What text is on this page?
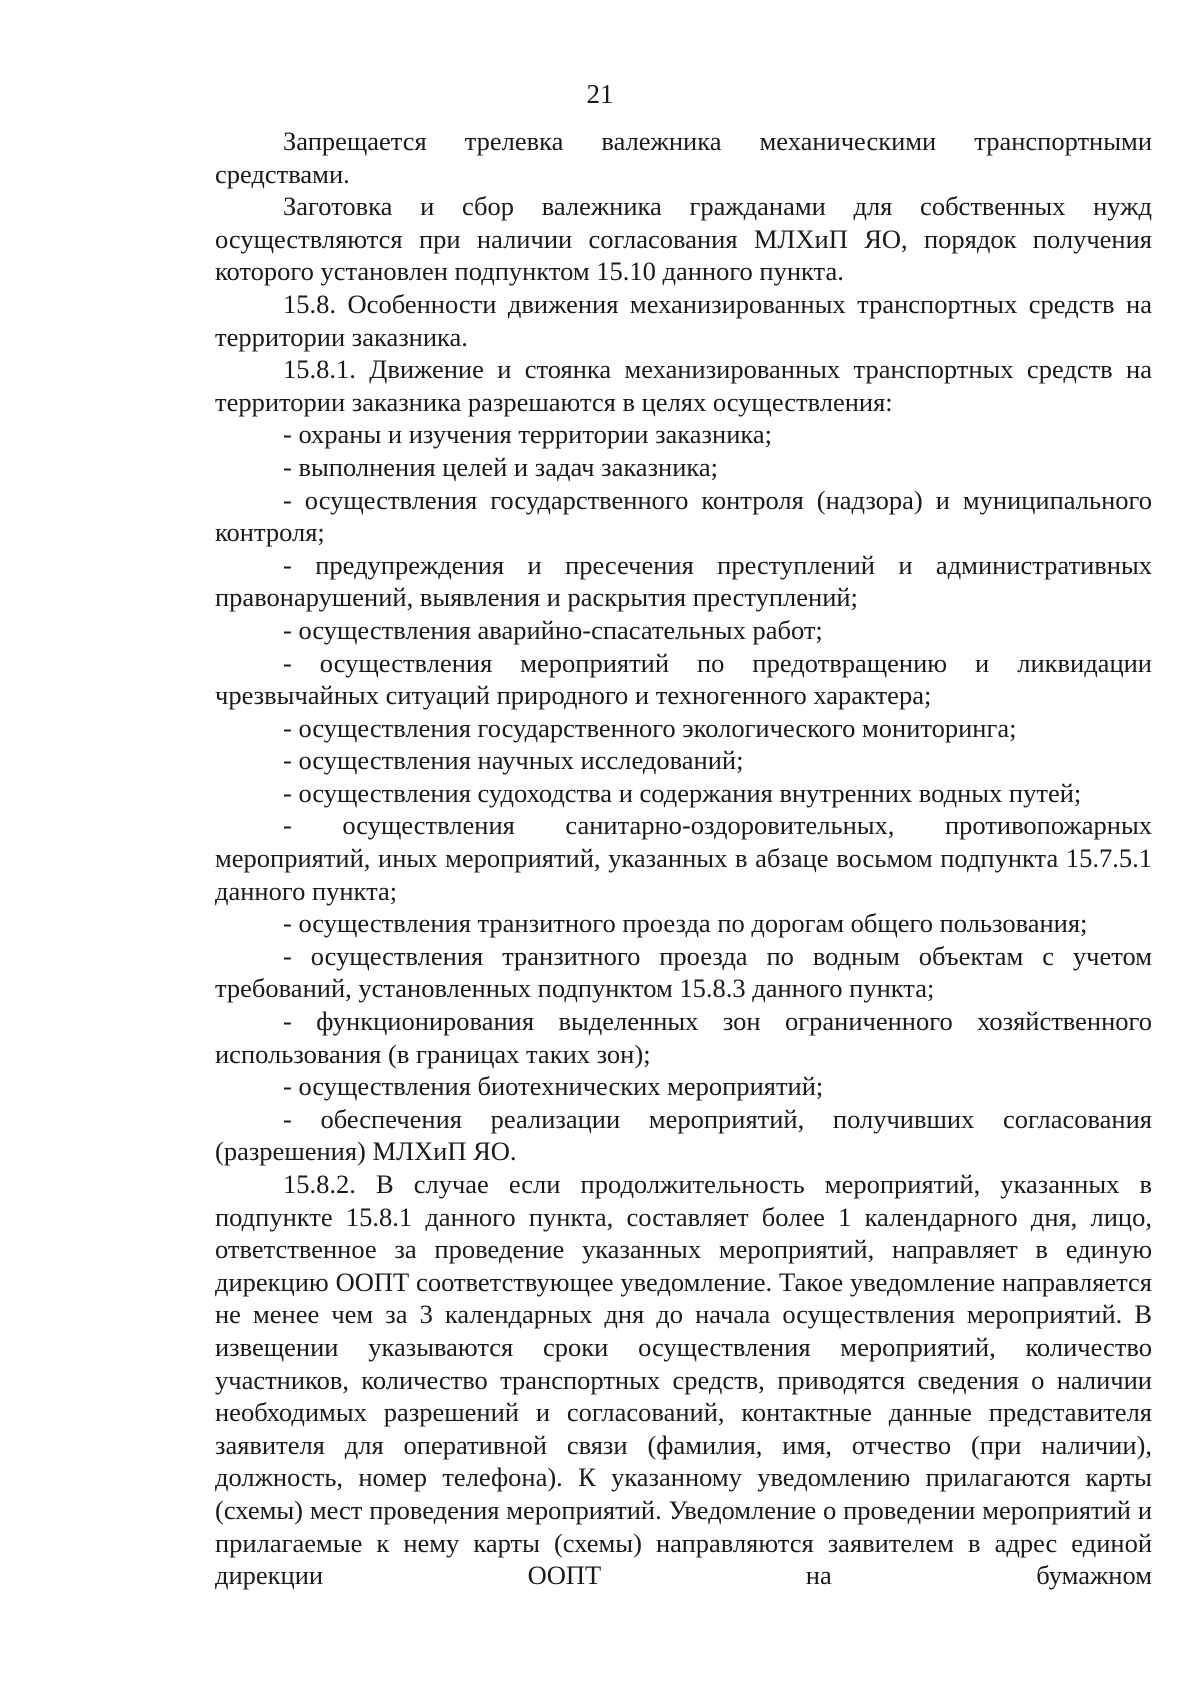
21

Запрещается трелевка валежника механическими транспортными средствами.

Заготовка и сбор валежника гражданами для собственных нужд осуществляются при наличии согласования МЛХиП ЯО, порядок получения которого установлен подпунктом 15.10 данного пункта.

15.8. Особенности движения механизированных транспортных средств на территории заказника.

15.8.1. Движение и стоянка механизированных транспортных средств на территории заказника разрешаются в целях осуществления:

- охраны и изучения территории заказника;

- выполнения целей и задач заказника;

- осуществления государственного контроля (надзора) и муниципального контроля;

- предупреждения и пресечения преступлений и административных правонарушений, выявления и раскрытия преступлений;

- осуществления аварийно-спасательных работ;

- осуществления мероприятий по предотвращению и ликвидации чрезвычайных ситуаций природного и техногенного характера;

- осуществления государственного экологического мониторинга;

- осуществления научных исследований;

- осуществления судоходства и содержания внутренних водных путей;

- осуществления санитарно-оздоровительных, противопожарных мероприятий, иных мероприятий, указанных в абзаце восьмом подпункта 15.7.5.1 данного пункта;

- осуществления транзитного проезда по дорогам общего пользования;

- осуществления транзитного проезда по водным объектам с учетом требований, установленных подпунктом 15.8.3 данного пункта;

- функционирования выделенных зон ограниченного хозяйственного использования (в границах таких зон);

- осуществления биотехнических мероприятий;

- обеспечения реализации мероприятий, получивших согласования (разрешения) МЛХиП ЯО.

15.8.2. В случае если продолжительность мероприятий, указанных в подпункте 15.8.1 данного пункта, составляет более 1 календарного дня, лицо, ответственное за проведение указанных мероприятий, направляет в единую дирекцию ООПТ соответствующее уведомление. Такое уведомление направляется не менее чем за 3 календарных дня до начала осуществления мероприятий. В извещении указываются сроки осуществления мероприятий, количество участников, количество транспортных средств, приводятся сведения о наличии необходимых разрешений и согласований, контактные данные представителя заявителя для оперативной связи (фамилия, имя, отчество (при наличии), должность, номер телефона). К указанному уведомлению прилагаются карты (схемы) мест проведения мероприятий. Уведомление о проведении мероприятий и прилагаемые к нему карты (схемы) направляются заявителем в адрес единой дирекции ООПТ на бумажном
